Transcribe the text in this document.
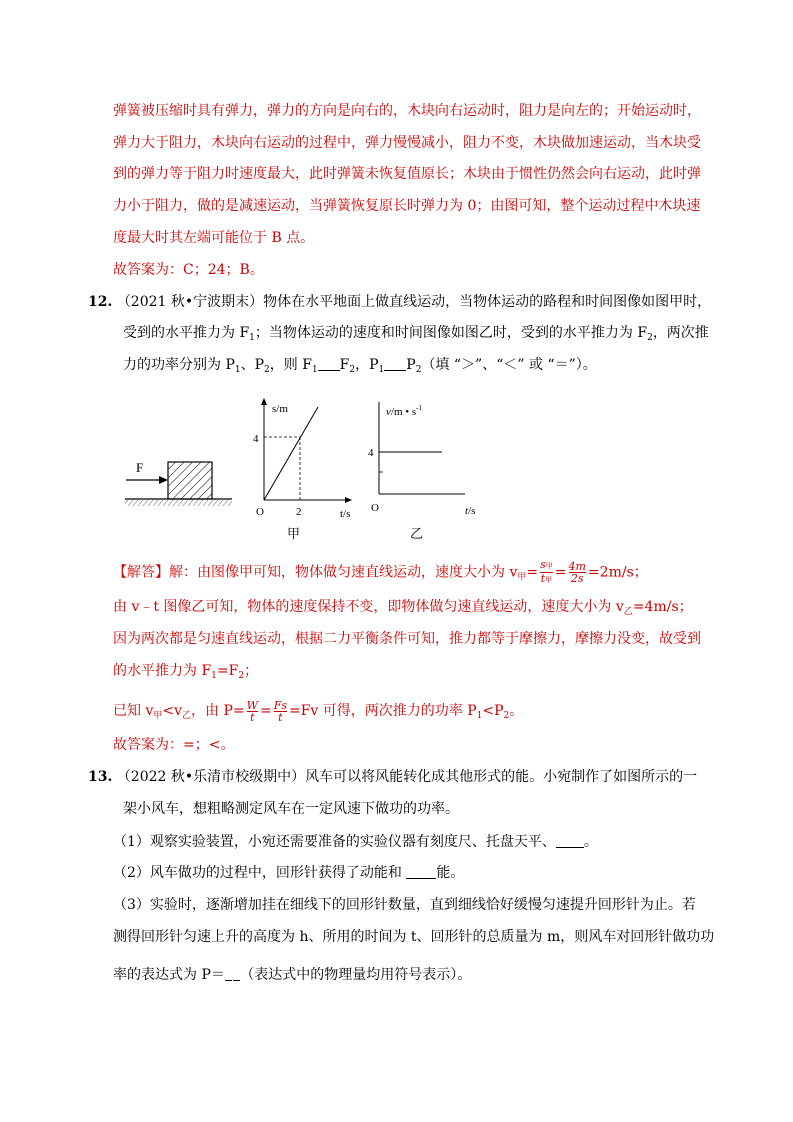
弹簧被压缩时具有弹力，弹力的方向是向右的，木块向右运动时，阻力是向左的；开始运动时，
弹力大于阻力，木块向右运动的过程中，弹力慢慢减小，阻力不变，木块做加速运动，当木块受
到的弹力等于阻力时速度最大，此时弹簧未恢复值原长；木块由于惯性仍然会向右运动，此时弹
力小于阻力，做的是减速运动，当弹簧恢复原长时弹力为 0；由图可知，整个运动过程中木块速
度最大时其左端可能位于 B 点。
故答案为：C；24；B。
12. （2021 秋•宁波期末）物体在水平地面上做直线运动，当物体运动的路程和时间图像如图甲时，
受到的水平推力为 $F_1$；当物体运动的速度和时间图像如图乙时，受到的水平推力为 $F_2$，两次推
力的功率分别为 $P_1$、$P_2$，则 $F_1$ $F_2$，$P_1$ $P_2$（填 “＞”、“＜” 或 “＝”）。
F
s/m
4
2
O	t/s
甲
v/m • $s^{-1}$
4
O	t/s
乙
【解答】解：由图像甲可知，物体做匀速直线运动，速度大小为 $v_甲= \frac{\text{s甲}}{\text{t甲}} = \frac{4m}{2s} =2m/s$；
由 v﹣t 图像乙可知，物体的速度保持不变，即物体做匀速直线运动，速度大小为 $v_乙=4m/s$；
因为两次都是匀速直线运动，根据二力平衡条件可知，推力都等于摩擦力，摩擦力没变，故受到
的水平推力为 $F_1=F_2$；
已知 $v_甲<v_乙$，由 $P= \frac{W}{t} = \frac{Fs}{t} =Fv$ 可得，两次推力的功率 $P_1<P_2$。
故答案为：=；<。
13. （2022 秋•乐清市校级期中）风车可以将风能转化成其他形式的能。小宛制作了如图所示的一
架小风车，想粗略测定风车在一定风速下做功的功率。
（1）观察实验装置，小宛还需要准备的实验仪器有刻度尺、托盘天平、 。
（2）风车做功的过程中，回形针获得了动能和 能。
（3）实验时，逐渐增加挂在细线下的回形针数量，直到细线恰好缓慢匀速提升回形针为止。若
测得回形针匀速上升的高度为 h、所用的时间为 t、回形针的总质量为 m，则风车对回形针做功功
率的表达式为 P＝  （表达式中的物理量均用符号表示）。
